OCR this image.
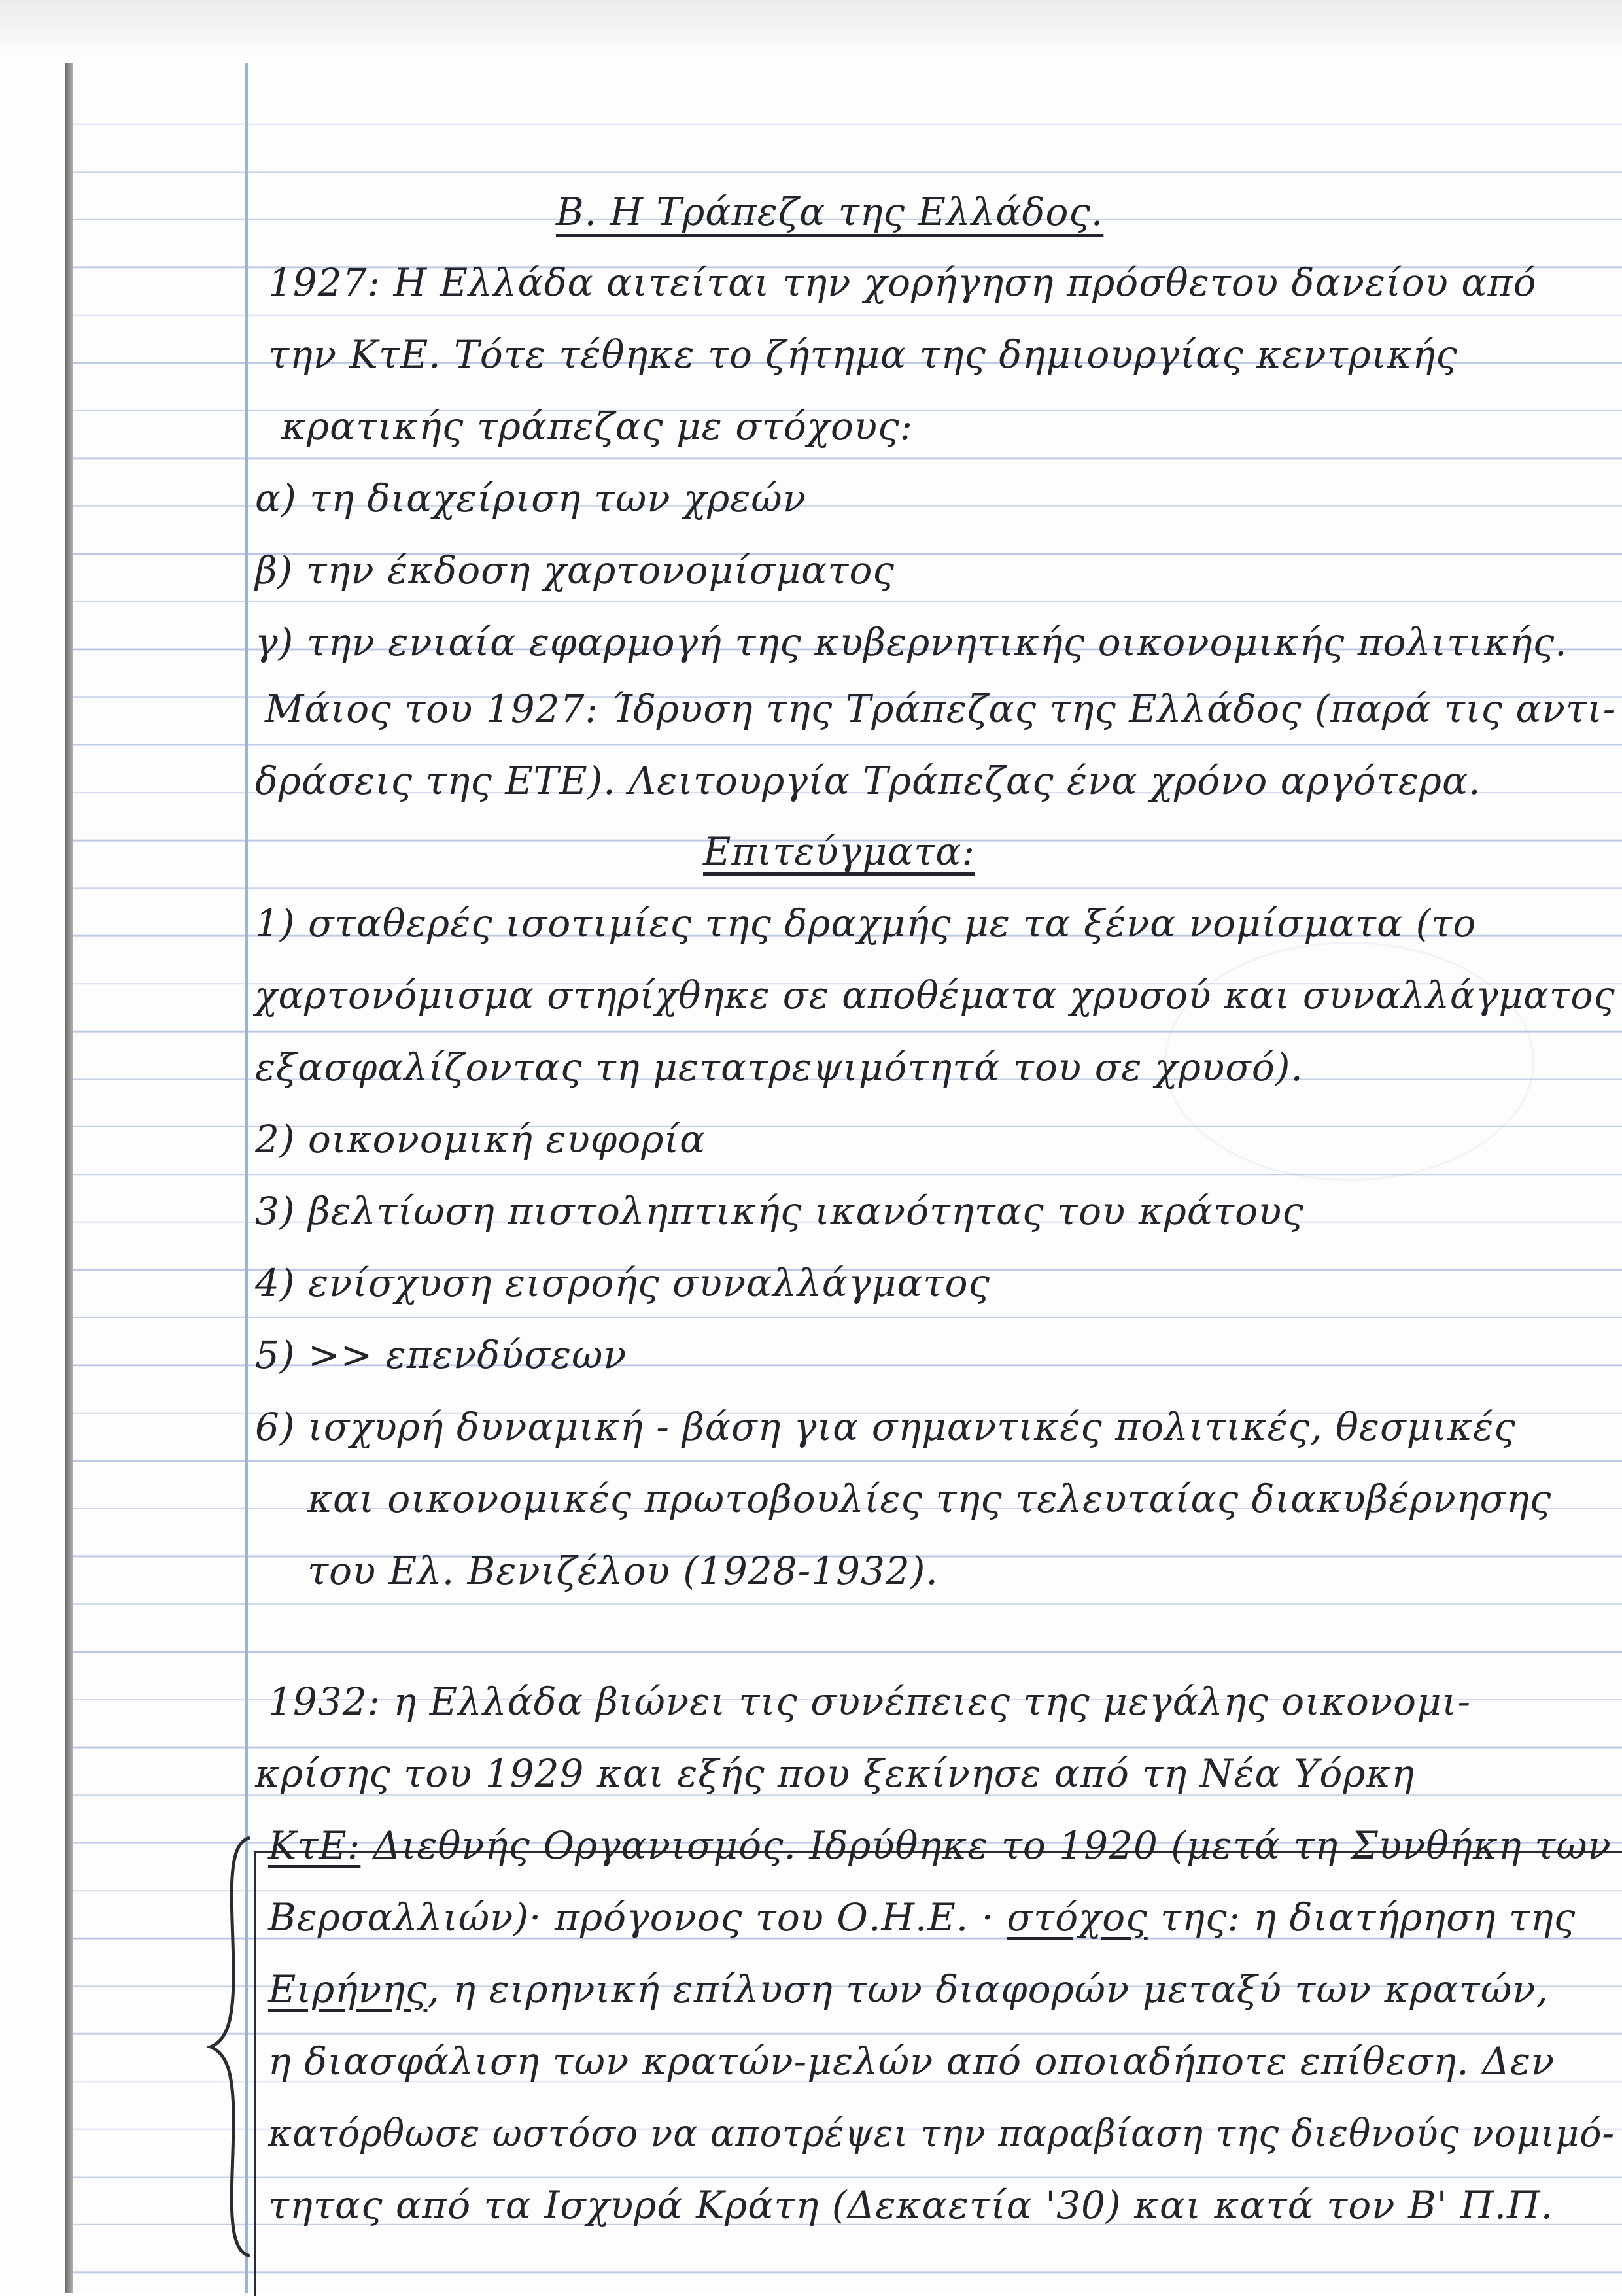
Β. Η Τράπεζα της Ελλάδος.
1927: Η Ελλάδα αιτείται την χορήγηση πρόσθετου δανείου από
την ΚτΕ. Τότε τέθηκε το ζήτημα της δημιουργίας κεντρικής
κρατικής τράπεζας με στόχους:
α) τη διαχείριση των χρεών
β) την έκδοση χαρτονομίσματος
γ) την ενιαία εφαρμογή της κυβερνητικής οικονομικής πολιτικής.
Μάιος του 1927: Ίδρυση της Τράπεζας της Ελλάδος (παρά τις αντι-
δράσεις της ΕΤΕ). Λειτουργία Τράπεζας ένα χρόνο αργότερα.
Επιτεύγματα:
1) σταθερές ισοτιμίες της δραχμής με τα ξένα νομίσματα (το
χαρτονόμισμα στηρίχθηκε σε αποθέματα χρυσού και συναλλάγματος
εξασφαλίζοντας τη μετατρεψιμότητά του σε χρυσό).
2) οικονομική ευφορία
3) βελτίωση πιστοληπτικής ικανότητας του κράτους
4) ενίσχυση εισροής συναλλάγματος
5) >> επενδύσεων
6) ισχυρή δυναμική - βάση για σημαντικές πολιτικές, θεσμικές
και οικονομικές πρωτοβουλίες της τελευταίας διακυβέρνησης
του Ελ. Βενιζέλου (1928-1932).
1932: η Ελλάδα βιώνει τις συνέπειες της μεγάλης οικονομι-
κρίσης του 1929 και εξής που ξεκίνησε από τη Νέα Υόρκη
ΚτΕ: Διεθνής Οργανισμός. Ιδρύθηκε το 1920 (μετά τη Συνθήκη των
Βερσαλλιών)· πρόγονος του Ο.Η.Ε. · στόχος της: η διατήρηση της
Ειρήνης, η ειρηνική επίλυση των διαφορών μεταξύ των κρατών,
η διασφάλιση των κρατών-μελών από οποιαδήποτε επίθεση. Δεν
κατόρθωσε ωστόσο να αποτρέψει την παραβίαση της διεθνούς νομιμό-
τητας από τα Ισχυρά Κράτη (Δεκαετία '30) και κατά τον Β' Π.Π.
